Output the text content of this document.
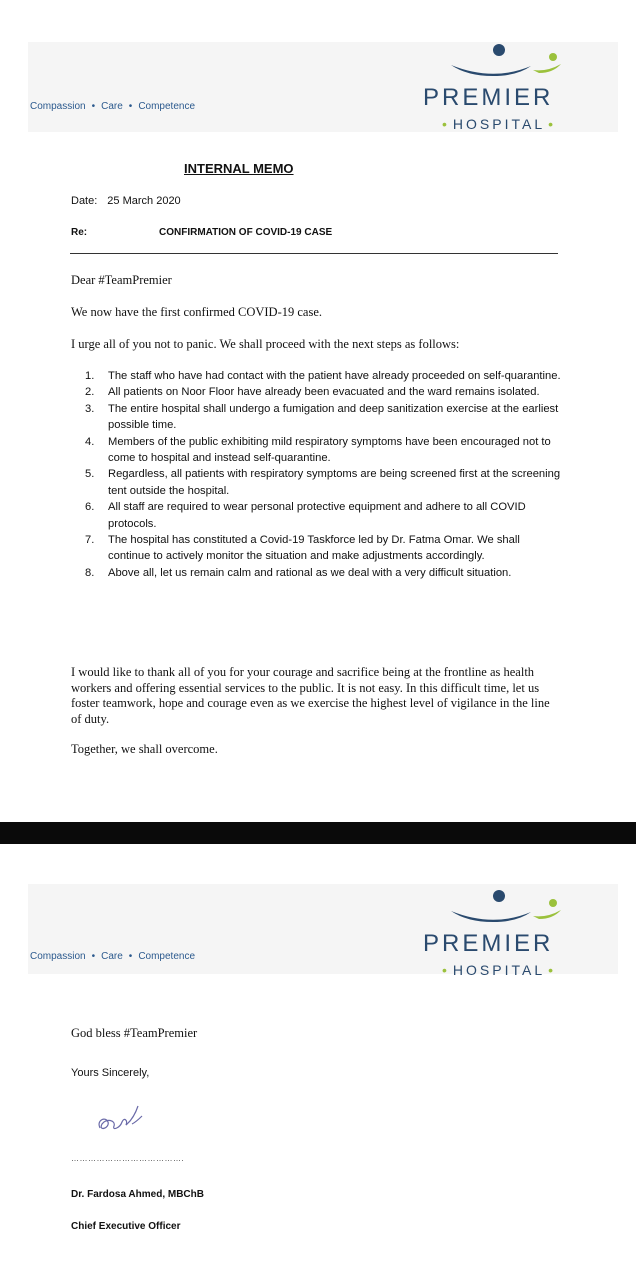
Compassion • Care • Competence	PREMIER
• HOSPITAL •
INTERNAL MEMO
Date: 25 March 2020
Re:	CONFIRMATION OF COVID-19 CASE
Dear #TeamPremier
We now have the first confirmed COVID-19 case.
I urge all of you not to panic. We shall proceed with the next steps as follows:
1.	The staff who have had contact with the patient have already proceeded on self-quarantine.
2.	All patients on Noor Floor have already been evacuated and the ward remains isolated.
3.	The entire hospital shall undergo a fumigation and deep sanitization exercise at the earliest possible time.
4.	Members of the public exhibiting mild respiratory symptoms have been encouraged not to come to hospital and instead self-quarantine.
5.	Regardless, all patients with respiratory symptoms are being screened first at the screening tent outside the hospital.
6.	All staff are required to wear personal protective equipment and adhere to all COVID protocols.
7.	The hospital has constituted a Covid-19 Taskforce led by Dr. Fatma Omar. We shall continue to actively monitor the situation and make adjustments accordingly.
8.	Above all, let us remain calm and rational as we deal with a very difficult situation.
I would like to thank all of you for your courage and sacrifice being at the frontline as health workers and offering essential services to the public. It is not easy. In this difficult time, let us foster teamwork, hope and courage even as we exercise the highest level of vigilance in the line of duty.
Together, we shall overcome.
Compassion • Care • Competence	PREMIER
• HOSPITAL •
God bless #TeamPremier
Yours Sincerely,
………………………………….
Dr. Fardosa Ahmed, MBChB
Chief Executive Officer
